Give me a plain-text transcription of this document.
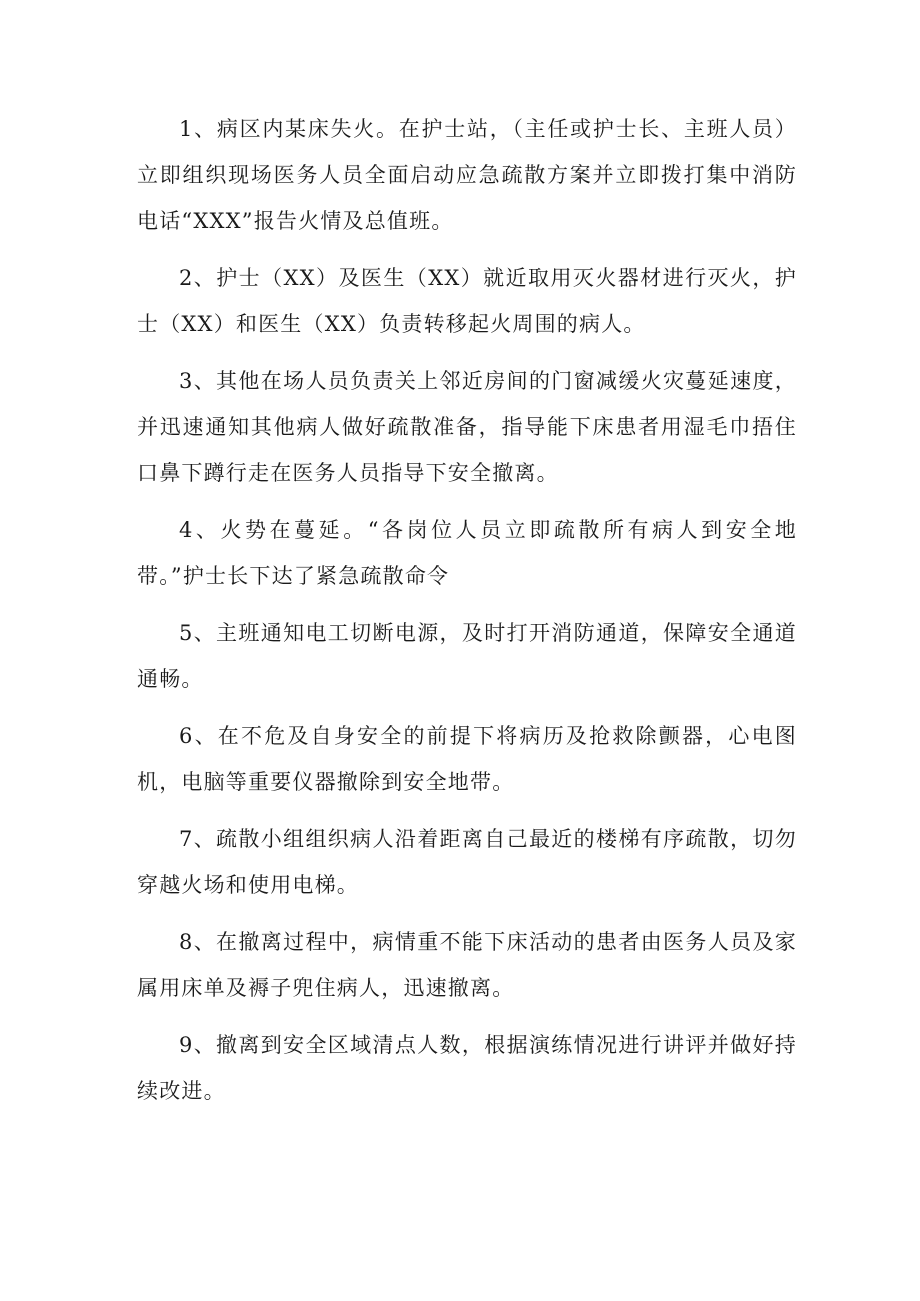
1、病区内某床失火。在护士站，（主任或护士长、主班人员）立即组织现场医务人员全面启动应急疏散方案并立即拨打集中消防电话“XXX”报告火情及总值班。

2、护士（XX）及医生（XX）就近取用灭火器材进行灭火，护士（XX）和医生（XX）负责转移起火周围的病人。

3、其他在场人员负责关上邻近房间的门窗减缓火灾蔓延速度，并迅速通知其他病人做好疏散准备，指导能下床患者用湿毛巾捂住口鼻下蹲行走在医务人员指导下安全撤离。

4、火势在蔓延。“各岗位人员立即疏散所有病人到安全地带。”护士长下达了紧急疏散命令

5、主班通知电工切断电源，及时打开消防通道，保障安全通道通畅。

6、在不危及自身安全的前提下将病历及抢救除颤器，心电图机，电脑等重要仪器撤除到安全地带。

7、疏散小组组织病人沿着距离自己最近的楼梯有序疏散，切勿穿越火场和使用电梯。

8、在撤离过程中，病情重不能下床活动的患者由医务人员及家属用床单及褥子兜住病人，迅速撤离。

9、撤离到安全区域清点人数，根据演练情况进行讲评并做好持续改进。
